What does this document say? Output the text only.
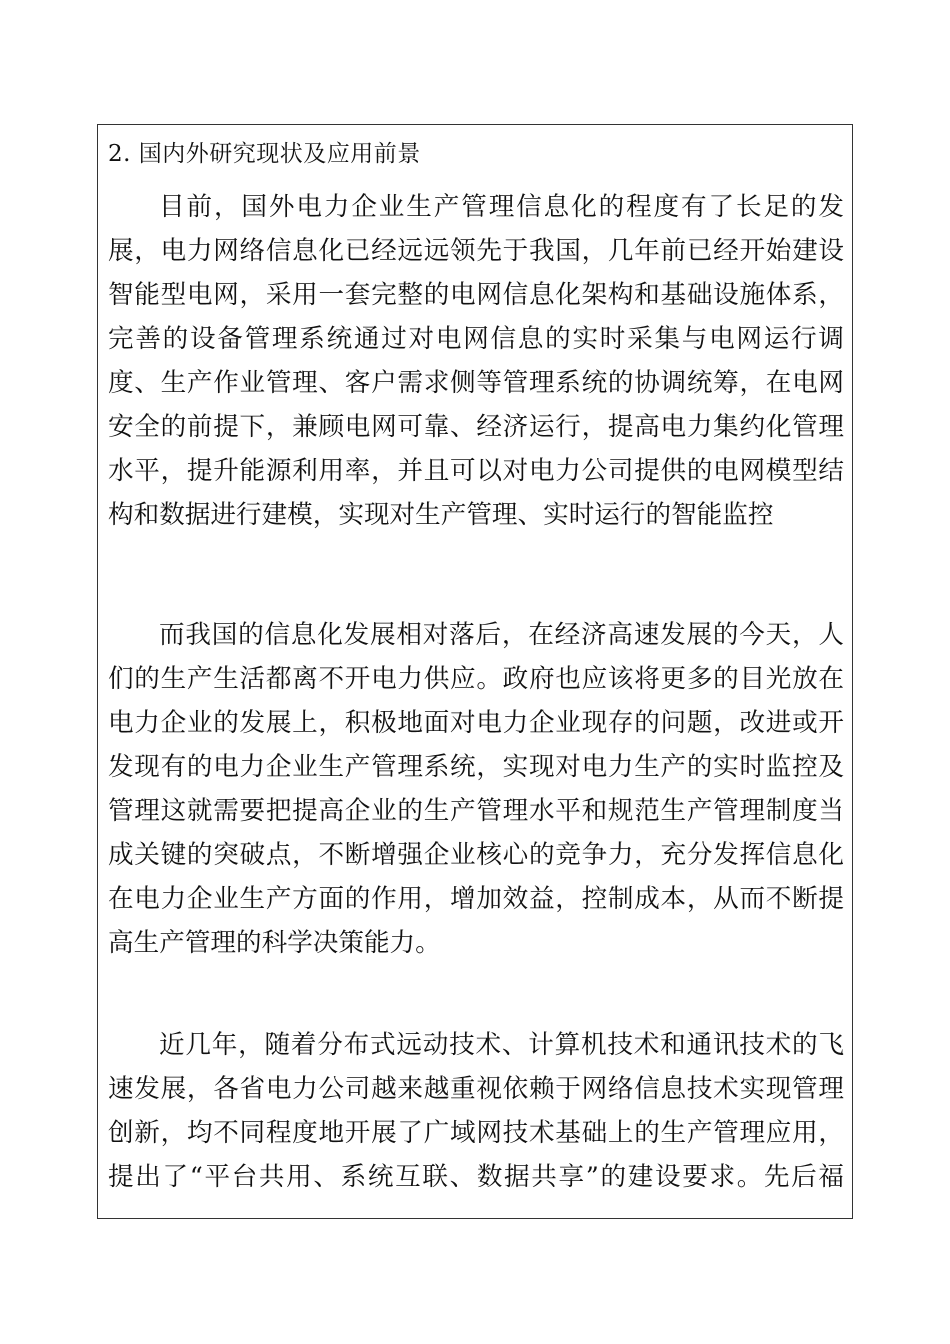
2. 国内外研究现状及应用前景
目前，国外电力企业生产管理信息化的程度有了长足的发
展，电力网络信息化已经远远领先于我国，几年前已经开始建设
智能型电网，采用一套完整的电网信息化架构和基础设施体系，
完善的设备管理系统通过对电网信息的实时采集与电网运行调
度、生产作业管理、客户需求侧等管理系统的协调统筹，在电网
安全的前提下，兼顾电网可靠、经济运行，提高电力集约化管理
水平，提升能源利用率，并且可以对电力公司提供的电网模型结
构和数据进行建模，实现对生产管理、实时运行的智能监控
而我国的信息化发展相对落后，在经济高速发展的今天，人
们的生产生活都离不开电力供应。政府也应该将更多的目光放在
电力企业的发展上，积极地面对电力企业现存的问题，改进或开
发现有的电力企业生产管理系统，实现对电力生产的实时监控及
管理这就需要把提高企业的生产管理水平和规范生产管理制度当
成关键的突破点，不断增强企业核心的竞争力，充分发挥信息化
在电力企业生产方面的作用，增加效益，控制成本，从而不断提
高生产管理的科学决策能力。
近几年，随着分布式远动技术、计算机技术和通讯技术的飞
速发展，各省电力公司越来越重视依赖于网络信息技术实现管理
创新，均不同程度地开展了广域网技术基础上的生产管理应用，
提出了“平台共用、系统互联、数据共享”的建设要求。先后福
